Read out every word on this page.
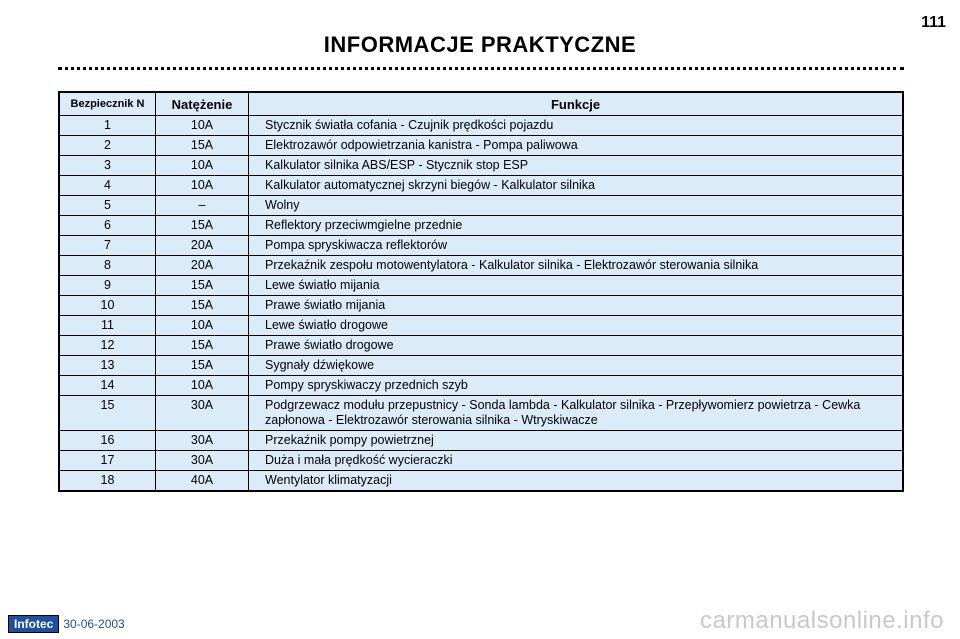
111
INFORMACJE PRAKTYCZNE
Bezpiecznik N	Natężenie	Funkcje
1	10A	Stycznik światła cofania - Czujnik prędkości pojazdu
2	15A	Elektrozawór odpowietrzania kanistra - Pompa paliwowa
3	10A	Kalkulator silnika ABS/ESP - Stycznik stop ESP
4	10A	Kalkulator automatycznej skrzyni biegów - Kalkulator silnika
5	–	Wolny
6	15A	Reflektory przeciwmgielne przednie
7	20A	Pompa spryskiwacza reflektorów
8	20A	Przekaźnik zespołu motowentylatora - Kalkulator silnika - Elektrozawór sterowania silnika
9	15A	Lewe światło mijania
10	15A	Prawe światło mijania
11	10A	Lewe światło drogowe
12	15A	Prawe światło drogowe
13	15A	Sygnały dźwiękowe
14	10A	Pompy spryskiwaczy przednich szyb
15	30A	Podgrzewacz modułu przepustnicy - Sonda lambda - Kalkulator silnika - Przepływomierz powietrza - Cewka zapłonowa - Elektrozawór sterowania silnika - Wtryskiwacze
16	30A	Przekaźnik pompy powietrznej
17	30A	Duża i mała prędkość wycieraczki
18	40A	Wentylator klimatyzacji
Infotec 30-06-2003	carmanualsonline.info
